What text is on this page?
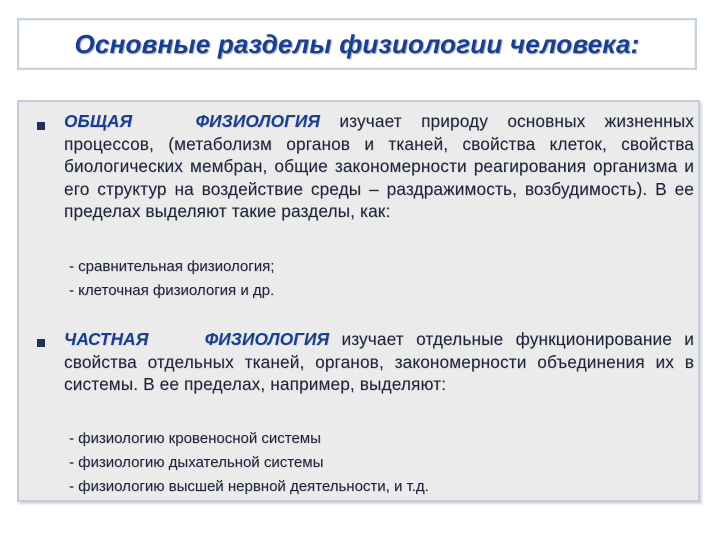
Основные разделы физиологии человека:
ОБЩАЯ ФИЗИОЛОГИЯ изучает природу основных жизненных процессов, (метаболизм органов и тканей, свойства клеток, свойства биологических мембран, общие закономерности реагирования организма и его структур на воздействие среды – раздражимость, возбудимость). В ее пределах выделяют такие разделы, как:
- сравнительная физиология;
- клеточная физиология и др.
ЧАСТНАЯ ФИЗИОЛОГИЯ изучает отдельные функционирование и свойства отдельных тканей, органов, закономерности объединения их в системы. В ее пределах, например, выделяют:
- физиологию кровеносной системы
- физиологию дыхательной системы
- физиологию высшей нервной деятельности, и т.д.
